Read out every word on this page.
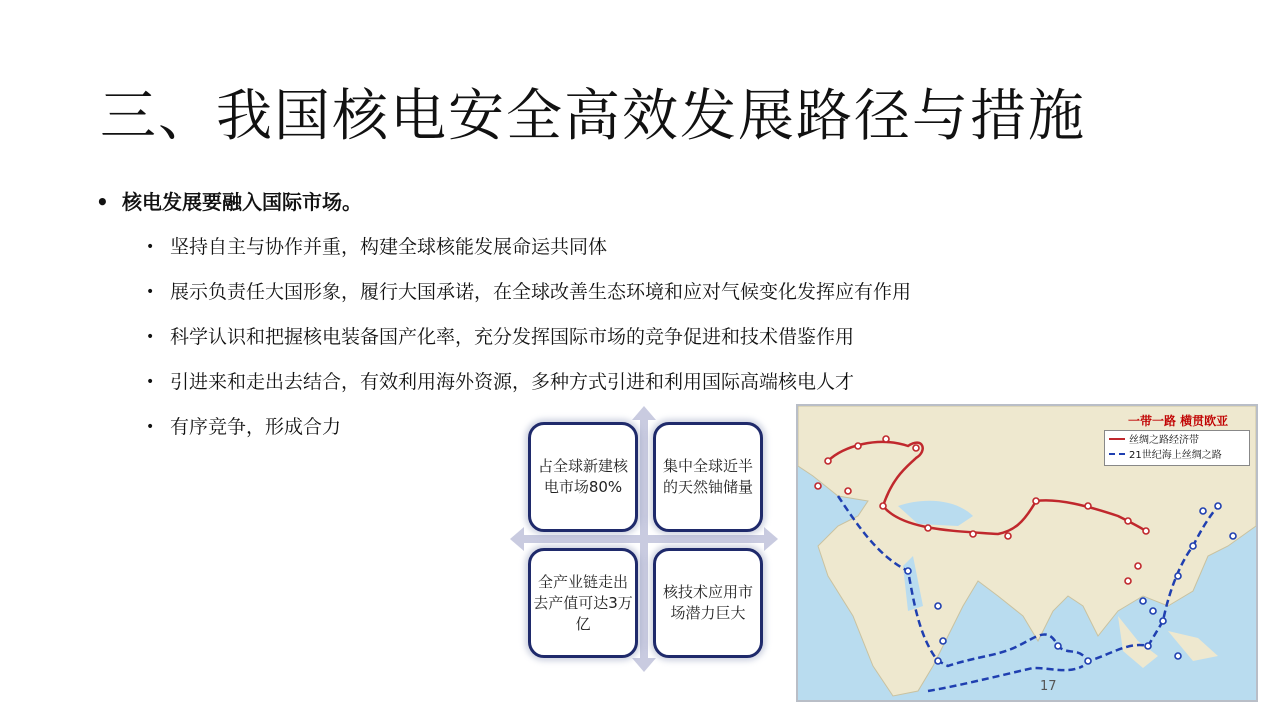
三、我国核电安全高效发展路径与措施
• 核电发展要融入国际市场。
• 坚持自主与协作并重，构建全球核能发展命运共同体
• 展示负责任大国形象，履行大国承诺，在全球改善生态环境和应对气候变化发挥应有作用
• 科学认识和把握核电装备国产化率，充分发挥国际市场的竞争促进和技术借鉴作用
• 引进来和走出去结合，有效利用海外资源，多种方式引进和利用国际高端核电人才
• 有序竞争，形成合力
占全球新建核电市场80%
集中全球近半的天然铀储量
全产业链走出去产值可达3万亿
核技术应用市场潜力巨大
一带一路 横贯欧亚
丝绸之路经济带
21世纪海上丝绸之路
17
